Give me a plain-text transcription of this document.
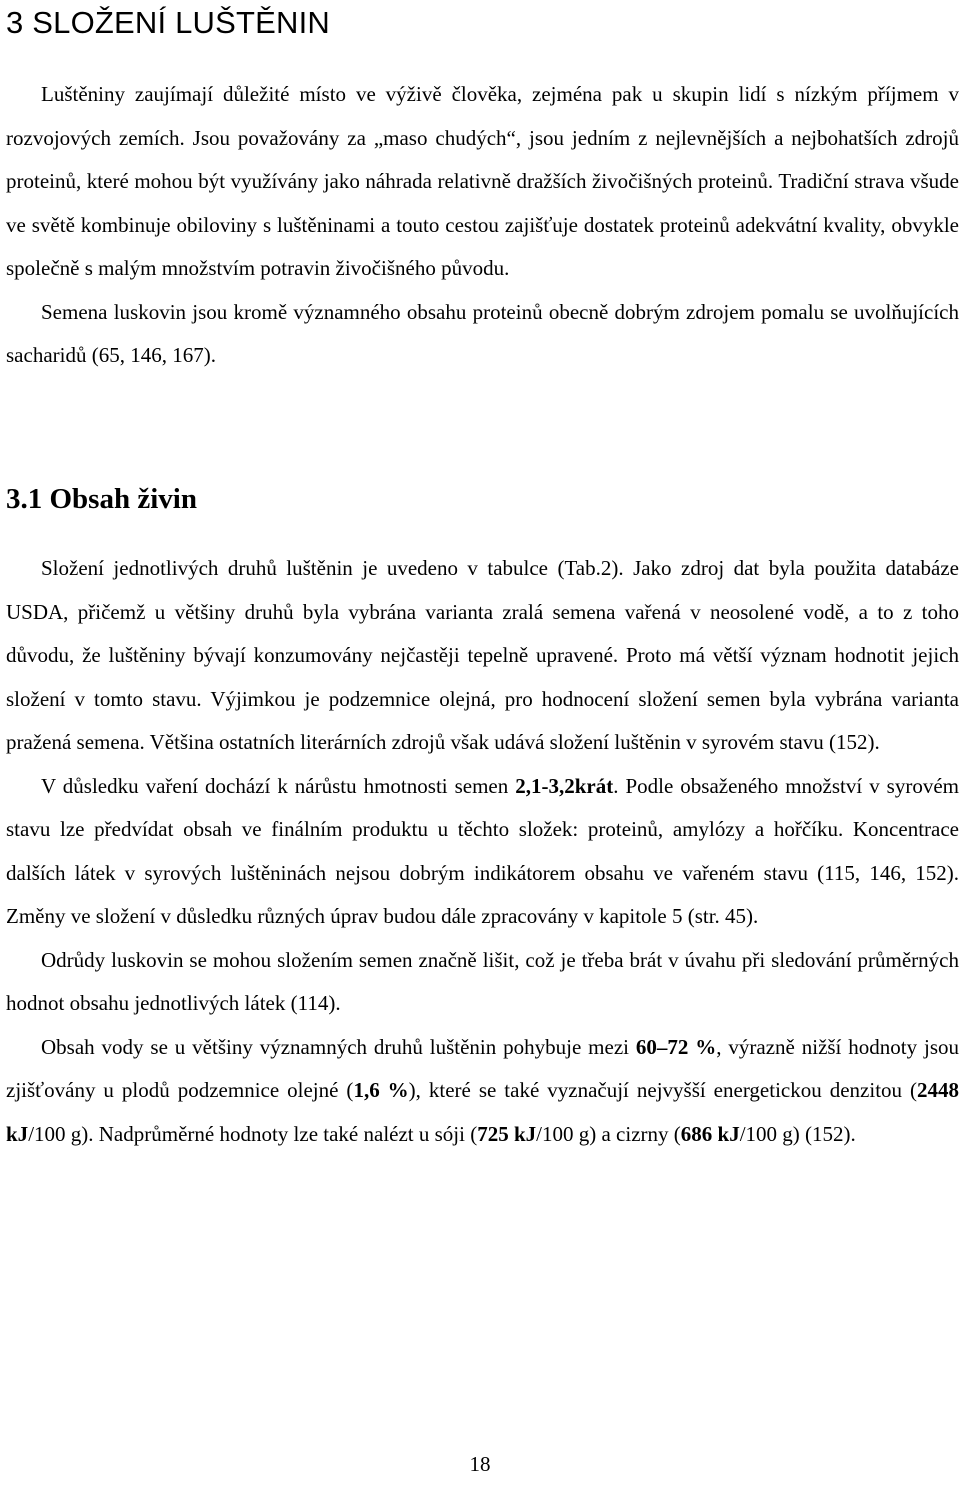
3 SLOŽENÍ LUŠTĚNIN

Luštěniny zaujímají důležité místo ve výživě člověka, zejména pak u skupin lidí s nízkým příjmem v rozvojových zemích. Jsou považovány za „maso chudých“, jsou jedním z nejlevnějších a nejbohatších zdrojů proteinů, které mohou být využívány jako náhrada relativně dražších živočišných proteinů. Tradiční strava všude ve světě kombinuje obiloviny s luštěninami a touto cestou zajišťuje dostatek proteinů adekvátní kvality, obvykle společně s malým množstvím potravin živočišného původu.

Semena luskovin jsou kromě významného obsahu proteinů obecně dobrým zdrojem pomalu se uvolňujících sacharidů (65, 146, 167).

3.1 Obsah živin

Složení jednotlivých druhů luštěnin je uvedeno v tabulce (Tab.2). Jako zdroj dat byla použita databáze USDA, přičemž u většiny druhů byla vybrána varianta zralá semena vařená v neosolené vodě, a to z toho důvodu, že luštěniny bývají konzumovány nejčastěji tepelně upravené. Proto má větší význam hodnotit jejich složení v tomto stavu. Výjimkou je podzemnice olejná, pro hodnocení složení semen byla vybrána varianta pražená semena. Většina ostatních literárních zdrojů však udává složení luštěnin v syrovém stavu (152).

V důsledku vaření dochází k nárůstu hmotnosti semen 2,1-3,2krát. Podle obsaženého množství v syrovém stavu lze předvídat obsah ve finálním produktu u těchto složek: proteinů, amylózy a hořčíku. Koncentrace dalších látek v syrových luštěninách nejsou dobrým indikátorem obsahu ve vařeném stavu (115, 146, 152). Změny ve složení v důsledku různých úprav budou dále zpracovány v kapitole 5 (str. 45).

Odrůdy luskovin se mohou složením semen značně lišit, což je třeba brát v úvahu při sledování průměrných hodnot obsahu jednotlivých látek (114).

Obsah vody se u většiny významných druhů luštěnin pohybuje mezi 60–72 %, výrazně nižší hodnoty jsou zjišťovány u plodů podzemnice olejné (1,6 %), které se také vyznačují nejvyšší energetickou denzitou (2448 kJ/100 g). Nadprůměrné hodnoty lze také nalézt u sóji (725 kJ/100 g) a cizrny (686 kJ/100 g) (152).

18
